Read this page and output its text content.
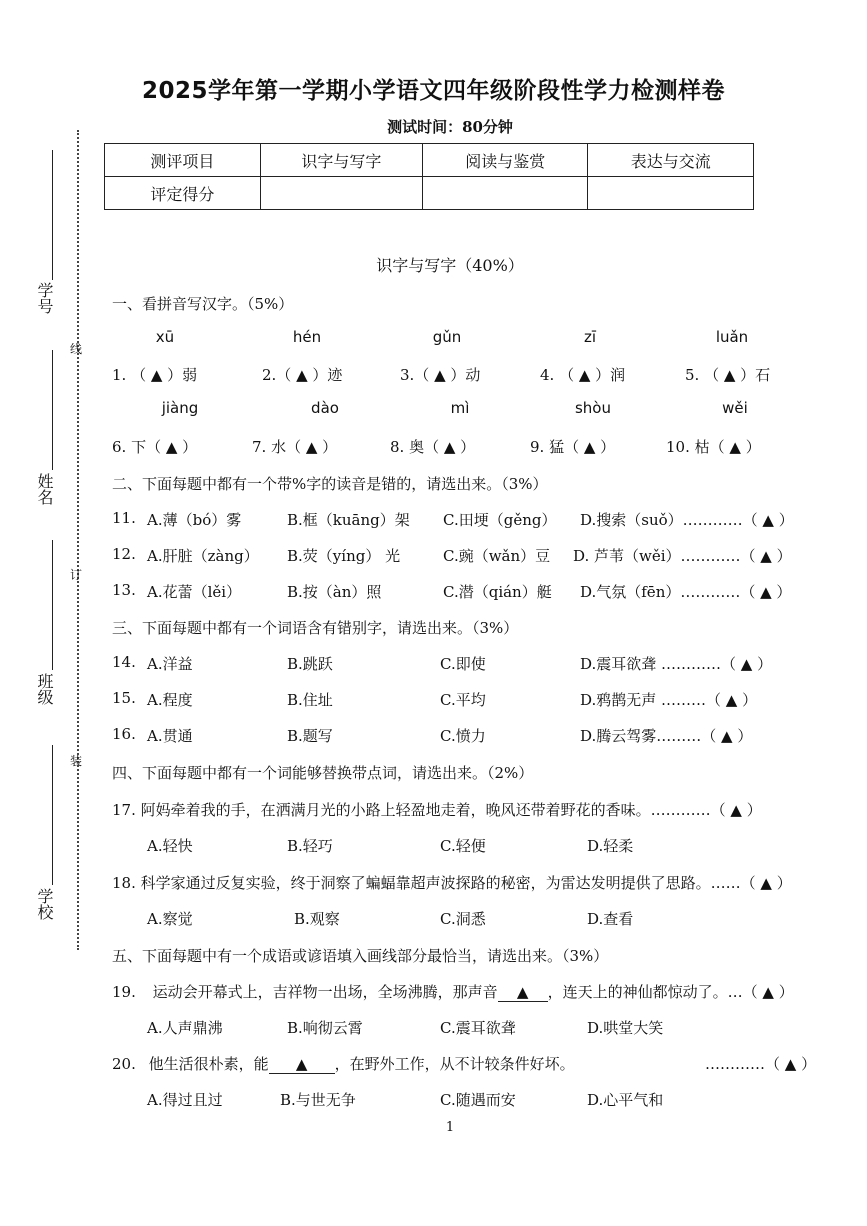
2025学年第一学期小学语文四年级阶段性学力检测样卷
测试时间：80分钟
测评项目	识字与写字	阅读与鉴赏	表达与交流
评定得分			
线
订
装
学号
姓名
班级
学校
识字与写字（40%）
一、看拼音写汉字。（5%）
xū	hén	gǔn	zī	luǎn
1. （ ▲ ）弱	2.（ ▲ ）迹	3.（ ▲ ）动	4. （ ▲ ）润	5. （ ▲ ）石
jiàng	dào	mì	shòu	wěi
6. 下（ ▲ ）	7. 水（ ▲ ）	8. 奥（ ▲ ）	9. 猛（ ▲ ）	10. 枯（ ▲ ）
二、下面每题中都有一个带%字的读音是错的，请选出来。（3%）
11. A.薄（bó）雾	B.框（kuāng）架 C.田埂（gěng） D.搜索（suǒ）…………（ ▲ ）
12. A.肝脏（zàng） B.荧（yíng） 光	C.豌（wǎn）豆 D. 芦苇（wěi）…………（ ▲ ）
13. A.花蕾（lěi）	B.按（àn）照	C.潜（qián）艇 D.气氛（fēn）…………（ ▲ ）
三、下面每题中都有一个词语含有错别字，请选出来。（3%）
14. A.洋益	B.跳跃	C.即使	D.震耳欲聋 …………（ ▲ ）
15. A.程度	B.住址	C.平均	D.鸦鹊无声 ………（ ▲ ）
16. A.贯通	B.题写	C.愤力	D.腾云驾雾………（ ▲ ）
四、下面每题中都有一个词能够替换带点词，请选出来。（2%）
17. 阿妈牵着我的手，在洒满月光的小路上轻盈地走着，晚风还带着野花的香味。…………（ ▲ ）
A.轻快	B.轻巧	C.轻便	D.轻柔
18. 科学家通过反复实验，终于洞察了蝙蝠靠超声波探路的秘密，为雷达发明提供了思路。……（ ▲ ）
A.察觉	B.观察	C.洞悉	D.查看
五、下面每题中有一个成语或谚语填入画线部分最恰当，请选出来。（3%）
19. 运动会开幕式上，吉祥物一出场，全场沸腾，那声音 ▲ ，连天上的神仙都惊动了。…（ ▲ ）
A.人声鼎沸	B.响彻云霄	C.震耳欲聋	D.哄堂大笑
20. 他生活很朴素，能 ▲ ，在野外工作，从不计较条件好坏。	…………（ ▲ ）
A.得过且过	B.与世无争	C.随遇而安	D.心平气和
1
